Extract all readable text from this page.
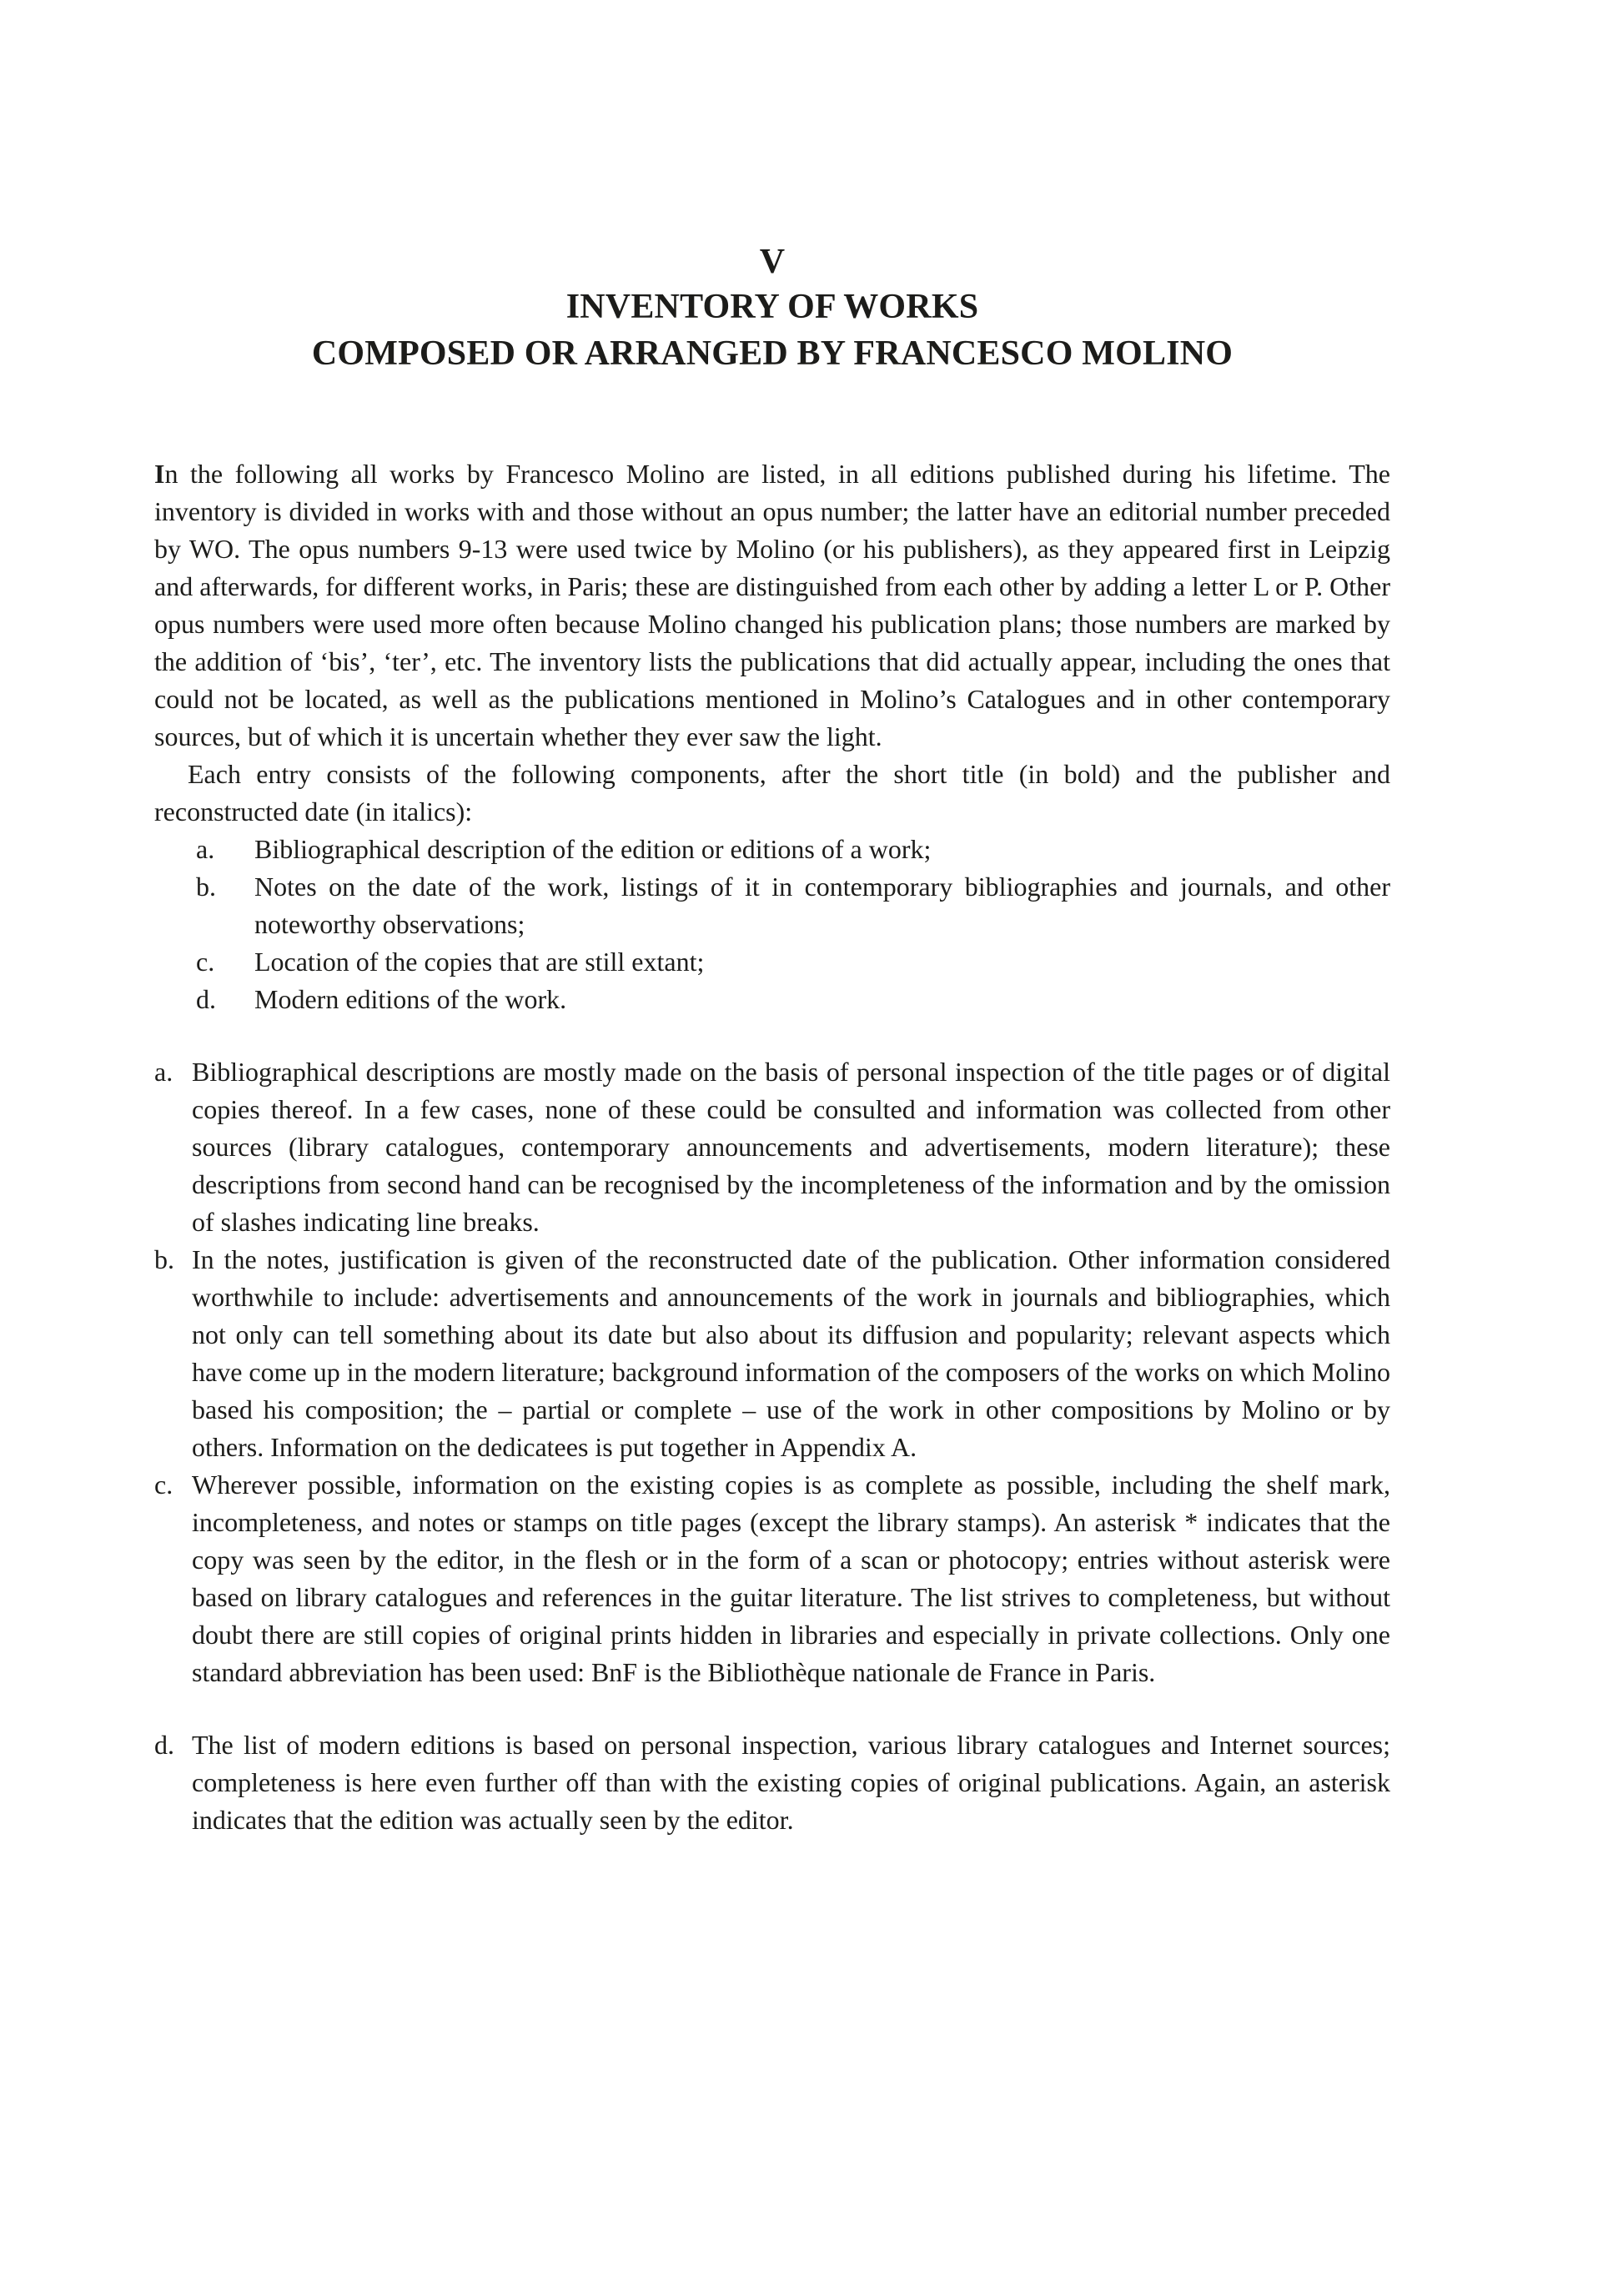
V
INVENTORY OF WORKS
COMPOSED OR ARRANGED BY FRANCESCO MOLINO

In the following all works by Francesco Molino are listed, in all editions published during his lifetime. The inventory is divided in works with and those without an opus number; the latter have an editorial number preceded by WO. The opus numbers 9-13 were used twice by Molino (or his publishers), as they appeared first in Leipzig and afterwards, for different works, in Paris; these are distinguished from each other by adding a letter L or P. Other opus numbers were used more often because Molino changed his publication plans; those numbers are marked by the addition of ‘bis’, ‘ter’, etc. The inventory lists the publications that did actually appear, including the ones that could not be located, as well as the publications mentioned in Molino’s Catalogues and in other contemporary sources, but of which it is uncertain whether they ever saw the light.

Each entry consists of the following components, after the short title (in bold) and the publisher and reconstructed date (in italics):

a.	Bibliographical description of the edition or editions of a work;
b.	Notes on the date of the work, listings of it in contemporary bibliographies and journals, and other noteworthy observations;
c.	Location of the copies that are still extant;
d.	Modern editions of the work.
a. Bibliographical descriptions are mostly made on the basis of personal inspection of the title pages or of digital copies thereof. In a few cases, none of these could be consulted and information was collected from other sources (library catalogues, contemporary announcements and advertisements, modern literature); these descriptions from second hand can be recognised by the incompleteness of the information and by the omission of slashes indicating line breaks.
b. In the notes, justification is given of the reconstructed date of the publication. Other information considered worthwhile to include: advertisements and announcements of the work in journals and bibliographies, which not only can tell something about its date but also about its diffusion and popularity; relevant aspects which have come up in the modern literature; background information of the composers of the works on which Molino based his composition; the – partial or complete – use of the work in other compositions by Molino or by others. Information on the dedicatees is put together in Appendix A.
c. Wherever possible, information on the existing copies is as complete as possible, including the shelf mark, incompleteness, and notes or stamps on title pages (except the library stamps). An asterisk * indicates that the copy was seen by the editor, in the flesh or in the form of a scan or photocopy; entries without asterisk were based on library catalogues and references in the guitar literature. The list strives to completeness, but without doubt there are still copies of original prints hidden in libraries and especially in private collections. Only one standard abbreviation has been used: BnF is the Bibliothèque nationale de France in Paris.
d. The list of modern editions is based on personal inspection, various library catalogues and Internet sources; completeness is here even further off than with the existing copies of original publications. Again, an asterisk indicates that the edition was actually seen by the editor.
